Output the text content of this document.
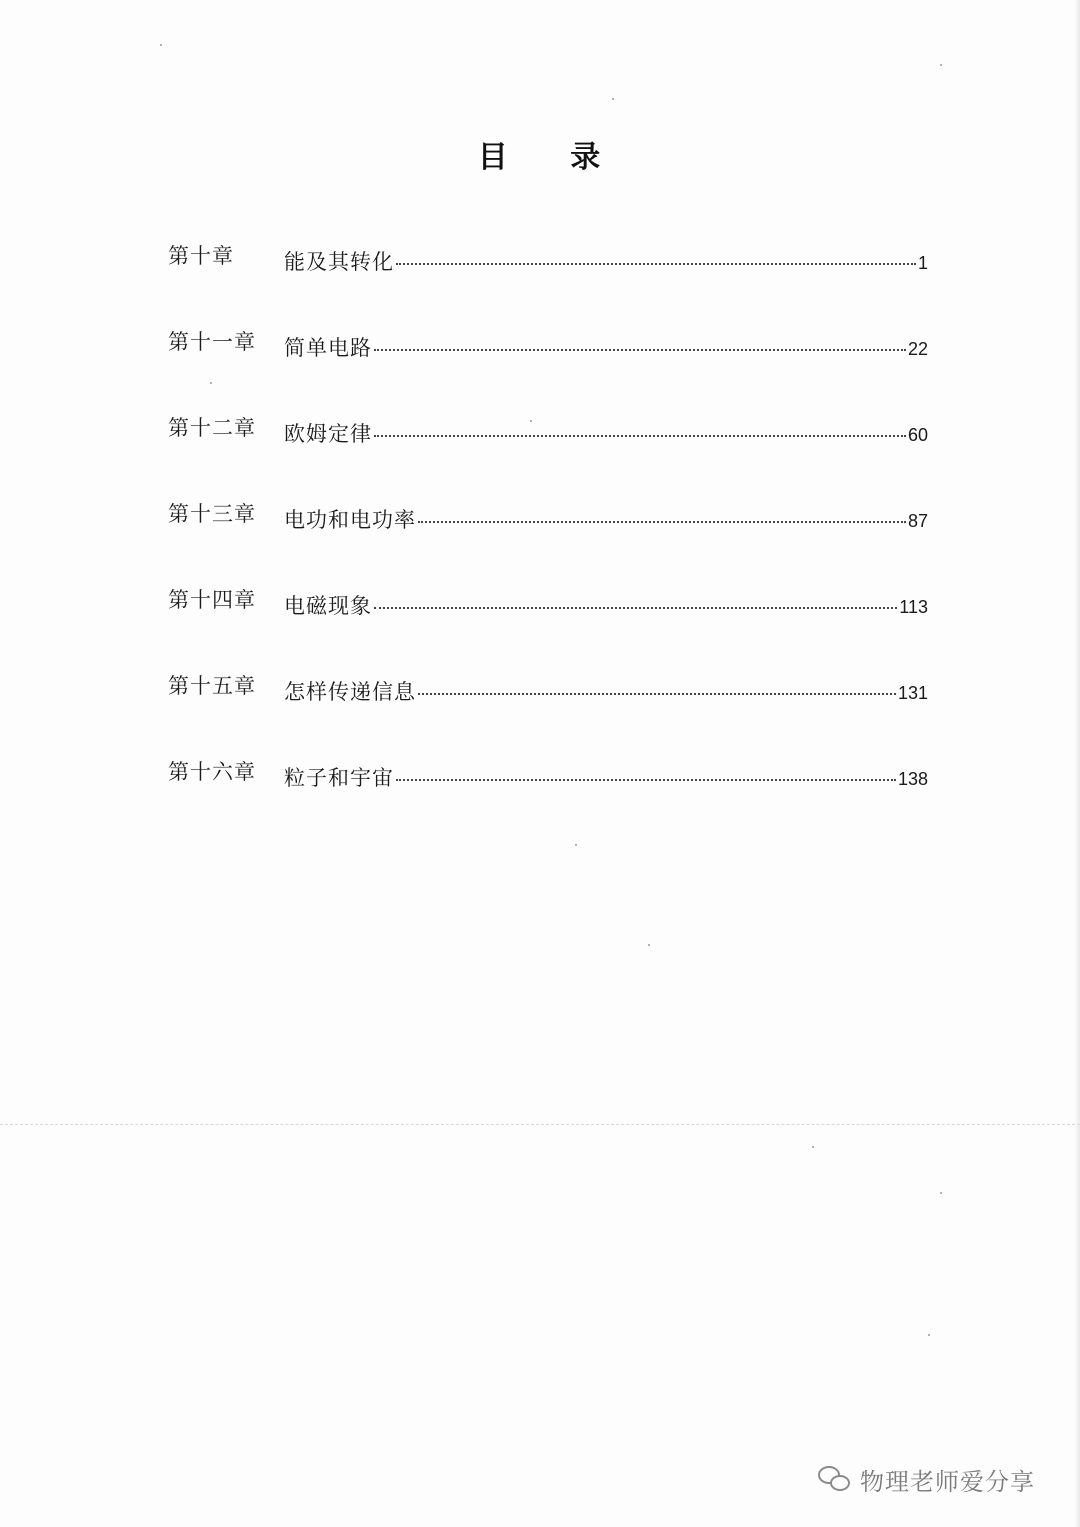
目 录
第十章	能及其转化	1
第十一章	简单电路	22
第十二章	欧姆定律	60
第十三章	电功和电功率	87
第十四章	电磁现象	113
第十五章	怎样传递信息	131
第十六章	粒子和宇宙	138
物理老师爱分享
